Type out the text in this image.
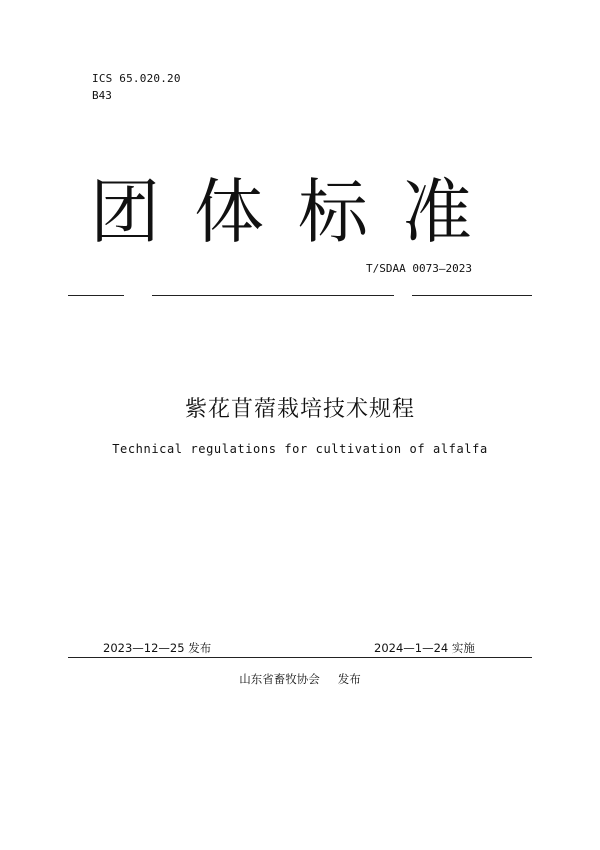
ICS 65.020.20
B43
团体标准
T/SDAA 0073—2023
紫花苜蓿栽培技术规程
Technical regulations for cultivation of alfalfa
2023—12—25 发布	2024—1—24 实施
山东省畜牧协会 发布
